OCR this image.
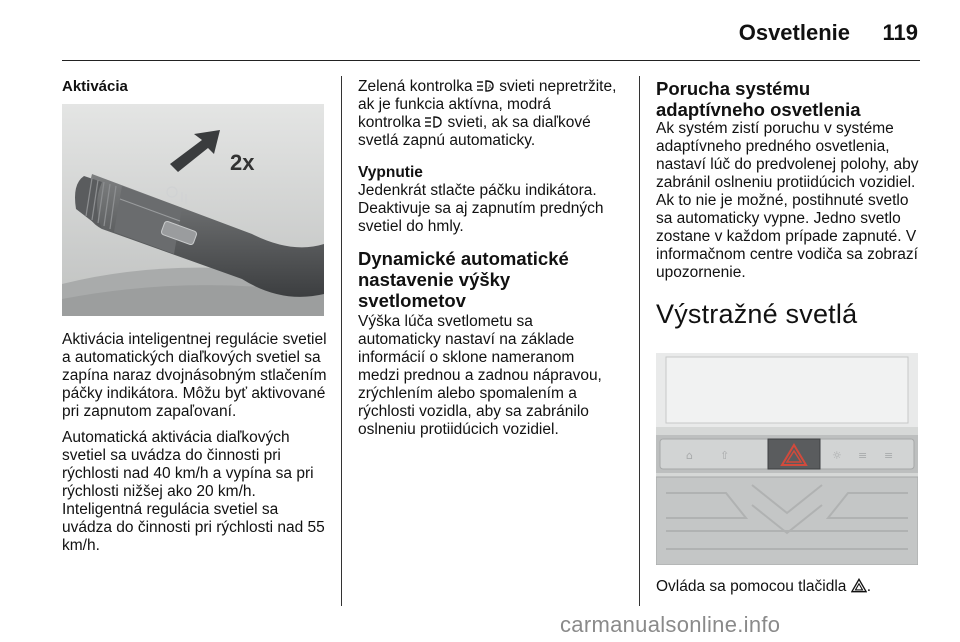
Osvetlenie 119
Aktivácia
2x

Aktivácia inteligentnej regulácie svetiel a automatických diaľkových svetiel sa zapína naraz dvojnásobným stlačením páčky indikátora. Môžu byť aktivované pri zapnutom zapaľovaní.

Automatická aktivácia diaľkových svetiel sa uvádza do činnosti pri rýchlosti nad 40 km/h a vypína sa pri rýchlosti nižšej ako 20 km/h. Inteligentná regulácia svetiel sa uvádza do činnosti pri rýchlosti nad 55 km/h.

Zelená kontrolka	A svieti nepretržite, ak je funkcia aktívna, modrá kontrolka svieti, ak sa diaľkové svetlá zapnú automaticky.

Vypnutie

Jedenkrát stlačte páčku indikátora. Deaktivuje sa aj zapnutím predných svetiel do hmly.

Dynamické automatické nastavenie výšky svetlometov

Výška lúča svetlometu sa automaticky nastaví na základe informácií o sklone nameranom medzi prednou a zadnou nápravou, zrýchlením alebo spomalením a rýchlosti vozidla, aby sa zabránilo oslneniu protiidúcich vozidiel.

Porucha systému adaptívneho osvetlenia

Ak systém zistí poruchu v systéme adaptívneho predného osvetlenia, nastaví lúč do predvolenej polohy, aby zabránil oslneniu protiidúcich vozidiel. Ak to nie je možné, postihnuté svetlo sa automaticky vypne. Jedno svetlo zostane v každom prípade zapnuté. V informačnom centre vodiča sa zobrazí upozornenie.

Výstražné svetlá
⌂ ⇧	☼ ≡ ≡
Ovláda sa pomocou tlačidla .
carmanualsonline.info
